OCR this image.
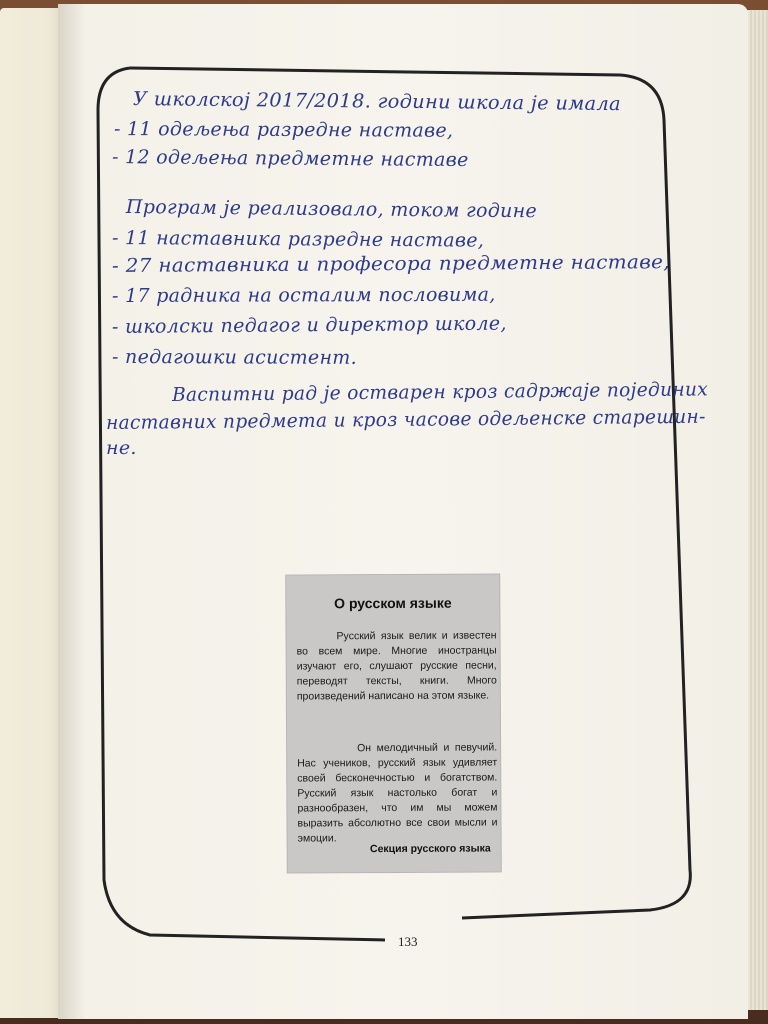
У школској 2017/2018. години школа је имала
- 11 одељења разредне наставе,
- 12 одељења предметне наставе
Програм је реализовало, током године
- 11 наставника разредне наставе,
- 27 наставника и професора предметне наставе,
- 17 радника на осталим пословима,
- школски педагог и директор школе,
- педагошки асистент.
Васпитни рад је остварен кроз садржаје појединих
наставних предмета и кроз часове одељенске старешин-
не.
О русском языке
Русский язык велик и известен во всем мире. Многие иностранцы изучают его, слушают русские песни, переводят тексты, книги. Много произведений написано на этом языке.
Он мелодичный и певучий. Нас учеников, русский язык удивляет своей бесконечностью и богатством. Русский язык настолько богат и разнообразен, что им мы можем выразить абсолютно все свои мысли и эмоции.
Секция русского языка
133
